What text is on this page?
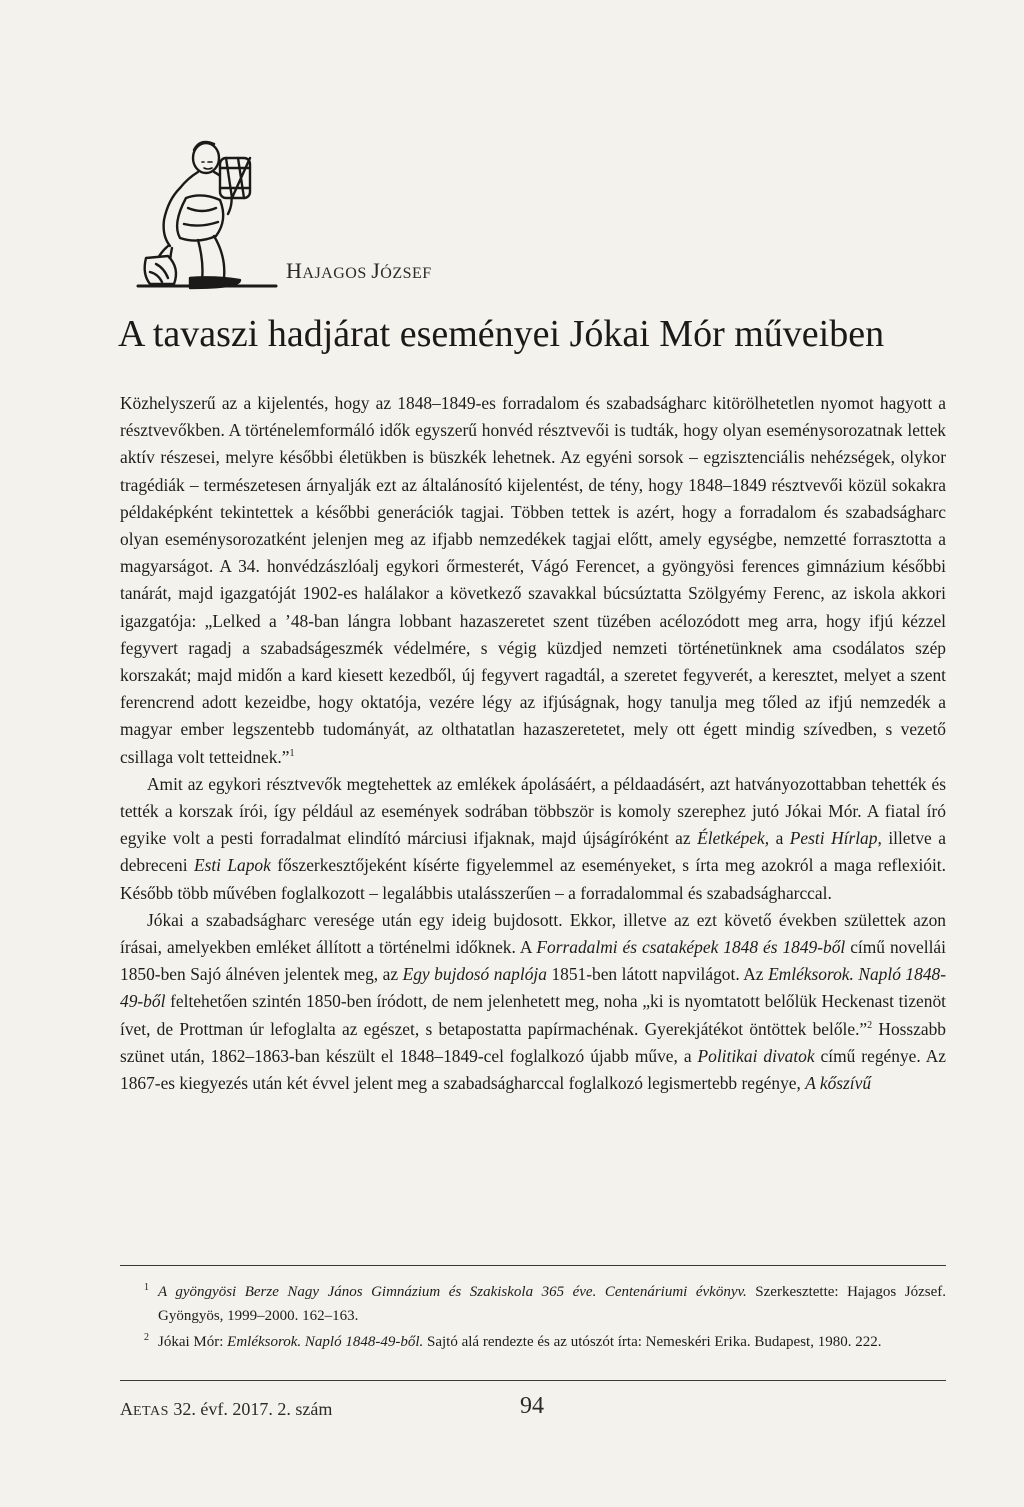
HAJAGOS JÓZSEF
A tavaszi hadjárat eseményei Jókai Mór műveiben

Közhelyszerű az a kijelentés, hogy az 1848–1849-es forradalom és szabadságharc kitörölhetetlen nyomot hagyott a résztvevőkben. A történelemformáló idők egyszerű honvéd résztvevői is tudták, hogy olyan eseménysorozatnak lettek aktív részesei, melyre későbbi életükben is büszkék lehetnek. Az egyéni sorsok – egzisztenciális nehézségek, olykor tragédiák – természetesen árnyalják ezt az általánosító kijelentést, de tény, hogy 1848–1849 résztvevői közül sokakra példaképként tekintettek a későbbi generációk tagjai. Többen tettek is azért, hogy a forradalom és szabadságharc olyan eseménysorozatként jelenjen meg az ifjabb nemzedékek tagjai előtt, amely egységbe, nemzetté forrasztotta a magyarságot. A 34. honvédzászlóalj egykori őrmesterét, Vágó Ferencet, a gyöngyösi ferences gimnázium későbbi tanárát, majd igazgatóját 1902-es halálakor a következő szavakkal búcsúztatta Szölgyémy Ferenc, az iskola akkori igazgatója: „Lelked a ’48-ban lángra lobbant hazaszeretet szent tüzében acélozódott meg arra, hogy ifjú kézzel fegyvert ragadj a szabadságeszmék védelmére, s végig küzdjed nemzeti történetünknek ama csodálatos szép korszakát; majd midőn a kard kiesett kezedből, új fegyvert ragadtál, a szeretet fegyverét, a keresztet, melyet a szent ferencrend adott kezeidbe, hogy oktatója, vezére légy az ifjúságnak, hogy tanulja meg tőled az ifjú nemzedék a magyar ember legszentebb tudományát, az olthatatlan hazaszeretetet, mely ott égett mindig szívedben, s vezető csillaga volt tetteidnek.”$^1$

Amit az egykori résztvevők megtehettek az emlékek ápolásáért, a példaadásért, azt hatványozottabban tehették és tették a korszak írói, így például az események sodrában többször is komoly szerephez jutó Jókai Mór. A fiatal író egyike volt a pesti forradalmat elindító márciusi ifjaknak, majd újságíróként az Életképek, a Pesti Hírlap, illetve a debreceni Esti Lapok főszerkesztőjeként kísérte figyelemmel az eseményeket, s írta meg azokról a maga reflexióit. Később több művében foglalkozott – legalábbis utalásszerűen – a forradalommal és szabadságharccal.

Jókai a szabadságharc veresége után egy ideig bujdosott. Ekkor, illetve az ezt követő években születtek azon írásai, amelyekben emléket állított a történelmi időknek. A Forradalmi és csataképek 1848 és 1849-ből című novellái 1850-ben Sajó álnéven jelentek meg, az Egy bujdosó naplója 1851-ben látott napvilágot. Az Emléksorok. Napló 1848-49-ből feltehetően szintén 1850-ben íródott, de nem jelenhetett meg, noha „ki is nyomtatott belőlük Heckenast tizenöt ívet, de Prottman úr lefoglalta az egészet, s betapostatta papírmachénak. Gyerekjátékot öntöttek belőle.”$^2$ Hosszabb szünet után, 1862–1863-ban készült el 1848–1849-cel foglalkozó újabb műve, a Politikai divatok című regénye. Az 1867-es kiegyezés után két évvel jelent meg a szabadságharccal foglalkozó legismertebb regénye, A kőszívű

1 A gyöngyösi Berze Nagy János Gimnázium és Szakiskola 365 éve. Centenáriumi évkönyv. Szerkesztette: Hajagos József. Gyöngyös, 1999–2000. 162–163.
2 Jókai Mór: Emléksorok. Napló 1848-49-ből. Sajtó alá rendezte és az utószót írta: Nemeskéri Erika. Budapest, 1980. 222.
AETAS 32. évf. 2017. 2. szám	94
